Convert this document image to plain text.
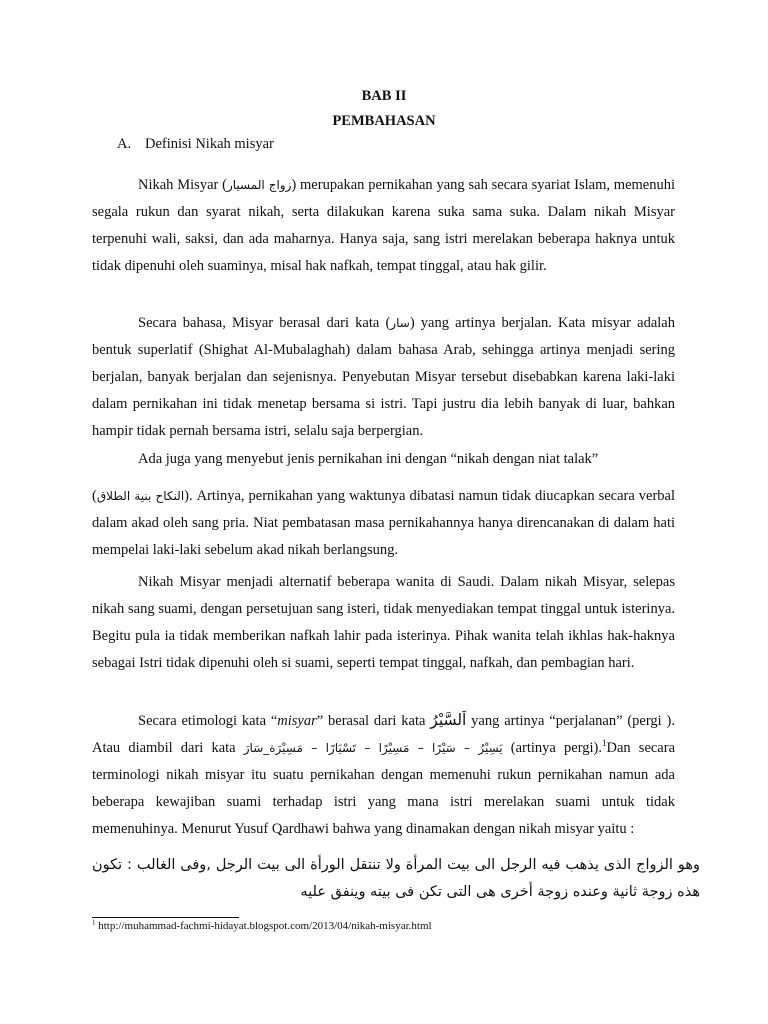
BAB II
PEMBAHASAN
A. Definisi Nikah misyar

Nikah Misyar (زواج المسيار) merupakan pernikahan yang sah secara syariat Islam, memenuhi segala rukun dan syarat nikah, serta dilakukan karena suka sama suka. Dalam nikah Misyar terpenuhi wali, saksi, dan ada maharnya. Hanya saja, sang istri merelakan beberapa haknya untuk tidak dipenuhi oleh suaminya, misal hak nafkah, tempat tinggal, atau hak gilir.

Secara bahasa, Misyar berasal dari kata (سار) yang artinya berjalan. Kata misyar adalah bentuk superlatif (Shighat Al-Mubalaghah) dalam bahasa Arab, sehingga artinya menjadi sering berjalan, banyak berjalan dan sejenisnya. Penyebutan Misyar tersebut disebabkan karena laki-laki dalam pernikahan ini tidak menetap bersama si istri. Tapi justru dia lebih banyak di luar, bahkan hampir tidak pernah bersama istri, selalu saja berpergian.

Ada juga yang menyebut jenis pernikahan ini dengan “nikah dengan niat talak”

(النكاح بنية الطلاق). Artinya, pernikahan yang waktunya dibatasi namun tidak diucapkan secara verbal dalam akad oleh sang pria. Niat pembatasan masa pernikahannya hanya direncanakan di dalam hati mempelai laki-laki sebelum akad nikah berlangsung.

Nikah Misyar menjadi alternatif beberapa wanita di Saudi. Dalam nikah Misyar, selepas nikah sang suami, dengan persetujuan sang isteri, tidak menyediakan tempat tinggal untuk isterinya. Begitu pula ia tidak memberikan nafkah lahir pada isterinya. Pihak wanita telah ikhlas hak-haknya sebagai Istri tidak dipenuhi oleh si suami, seperti tempat tinggal, nafkah, dan pembagian hari.

Secara etimologi kata “misyar” berasal dari kata اَلسَّيْرُ yang artinya “perjalanan” (pergi ). Atau diambil dari kata يَسِيْرُ – سَيْرًا – مَسِيْرًا – تَسْيَارًا – مَسِيْرَة_سَارَ (artinya pergi).$^1$Dan secara terminologi nikah misyar itu suatu pernikahan dengan memenuhi rukun pernikahan namun ada beberapa kewajiban suami terhadap istri yang mana istri merelakan suami untuk tidak memenuhinya. Menurut Yusuf Qardhawi bahwa yang dinamakan dengan nikah misyar yaitu :

وهو الزواج الذى يذهب فيه الرجل الى بيت المرأة ولا تنتقل الورأة الى بيت الرجل ,وفى الغالب : تكون هذه زوجة ثانية وعنده زوجة أخرى هى التى تكن فى بيته وينفق عليه

$^1$ http://muhammad-fachmi-hidayat.blogspot.com/2013/04/nikah-misyar.html
